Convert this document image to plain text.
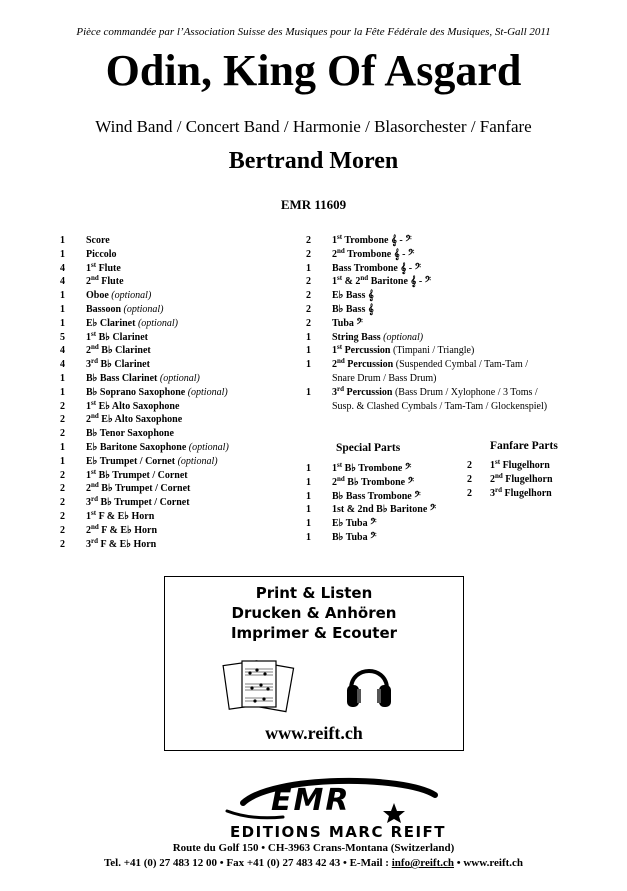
Pièce commandée par l’Association Suisse des Musiques pour la Fête Fédérale des Musiques, St-Gall 2011
Odin, King Of Asgard
Wind Band / Concert Band / Harmonie / Blasorchester / Fanfare
Bertrand Moren
EMR 11609
1	Score
1	Piccolo
4	1st Flute
4	2nd Flute
1	Oboe (optional)
1	Bassoon (optional)
1	E♭ Clarinet (optional)
5	1st B♭ Clarinet
4	2nd B♭ Clarinet
4	3rd B♭ Clarinet
1	B♭ Bass Clarinet (optional)
1	B♭ Soprano Saxophone (optional)
2	1st E♭ Alto Saxophone
2	2nd E♭ Alto Saxophone
2	B♭ Tenor Saxophone
1	E♭ Baritone Saxophone (optional)
1	E♭ Trumpet / Cornet (optional)
2	1st B♭ Trumpet / Cornet
2	2nd B♭ Trumpet / Cornet
2	3rd B♭ Trumpet / Cornet
2	1st F & E♭ Horn
2	2nd F & E♭ Horn
2	3rd F & E♭ Horn
2	1st Trombone 𝄞 - 𝄢
2	2nd Trombone 𝄞 - 𝄢
1	Bass Trombone 𝄞 - 𝄢
2	1st & 2nd Baritone 𝄞 - 𝄢
2	E♭ Bass 𝄞
2	B♭ Bass 𝄞
2	Tuba 𝄢
1	String Bass (optional)
1	1st Percussion (Timpani / Triangle)
1	2nd Percussion (Suspended Cymbal / Tam-Tam /
Snare Drum / Bass Drum)
1	3rd Percussion (Bass Drum / Xylophone / 3 Toms /
Susp. & Clashed Cymbals / Tam-Tam / Glockenspiel)
Special Parts
1	1st B♭ Trombone 𝄢
1	2nd B♭ Trombone 𝄢
1	B♭ Bass Trombone 𝄢
1	1st & 2nd B♭ Baritone 𝄢
1	E♭ Tuba 𝄢
1	B♭ Tuba 𝄢
Fanfare Parts
2	1st Flugelhorn
2	2nd Flugelhorn
2	3rd Flugelhorn
Print & Listen
Drucken & Anhören
Imprimer & Ecouter
www.reift.ch
EMR
EDITIONS MARC REIFT
Route du Golf 150 • CH-3963 Crans-Montana (Switzerland)
Tel. +41 (0) 27 483 12 00 • Fax +41 (0) 27 483 42 43 • E-Mail : info@reift.ch • www.reift.ch
